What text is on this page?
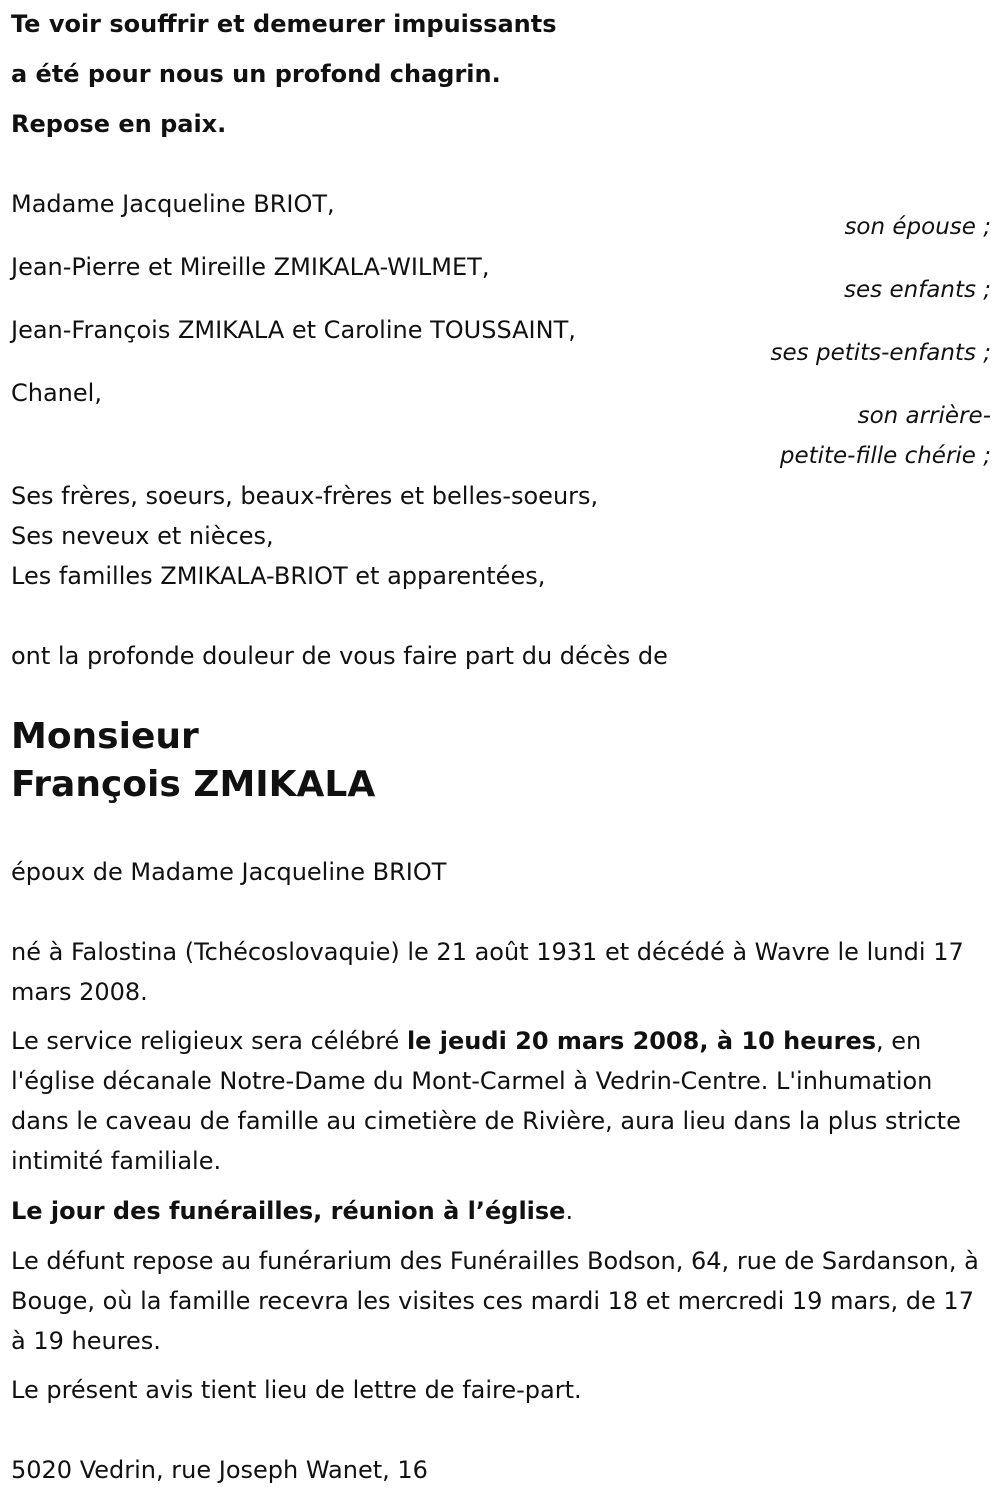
Te voir souffrir et demeurer impuissants
a été pour nous un profond chagrin.
Repose en paix.
Madame Jacqueline BRIOT,
son épouse ;
Jean-Pierre et Mireille ZMIKALA-WILMET,
ses enfants ;
Jean-François ZMIKALA et Caroline TOUSSAINT,
ses petits-enfants ;
Chanel,
son arrière-
petite-fille chérie ;
Ses frères, soeurs, beaux-frères et belles-soeurs,
Ses neveux et nièces,
Les familles ZMIKALA-BRIOT et apparentées,
ont la profonde douleur de vous faire part du décès de
Monsieur
François ZMIKALA
époux de Madame Jacqueline BRIOT
né à Falostina (Tchécoslovaquie) le 21 août 1931 et décédé à Wavre le lundi 17 mars 2008.
Le service religieux sera célébré le jeudi 20 mars 2008, à 10 heures, en l'église décanale Notre-Dame du Mont-Carmel à Vedrin-Centre. L'inhumation dans le caveau de famille au cimetière de Rivière, aura lieu dans la plus stricte intimité familiale.
Le jour des funérailles, réunion à l’église.
Le défunt repose au funérarium des Funérailles Bodson, 64, rue de Sardanson, à Bouge, où la famille recevra les visites ces mardi 18 et mercredi 19 mars, de 17 à 19 heures.
Le présent avis tient lieu de lettre de faire-part.
5020 Vedrin, rue Joseph Wanet, 16
